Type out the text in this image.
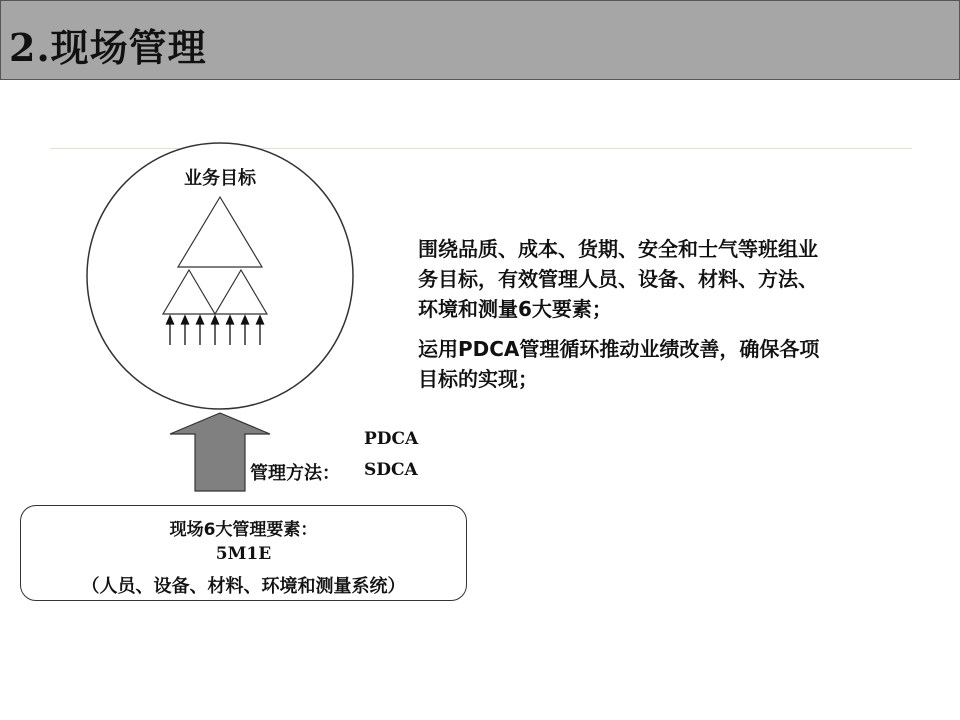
2.现场管理
业务目标
管理方法：
PDCA
SDCA
现场6大管理要素：
5M1E
（人员、设备、材料、环境和测量系统）

围绕品质、成本、货期、安全和士气等班组业
务目标，有效管理人员、设备、材料、方法、
环境和测量6大要素；

运用PDCA管理循环推动业绩改善，确保各项
目标的实现；
